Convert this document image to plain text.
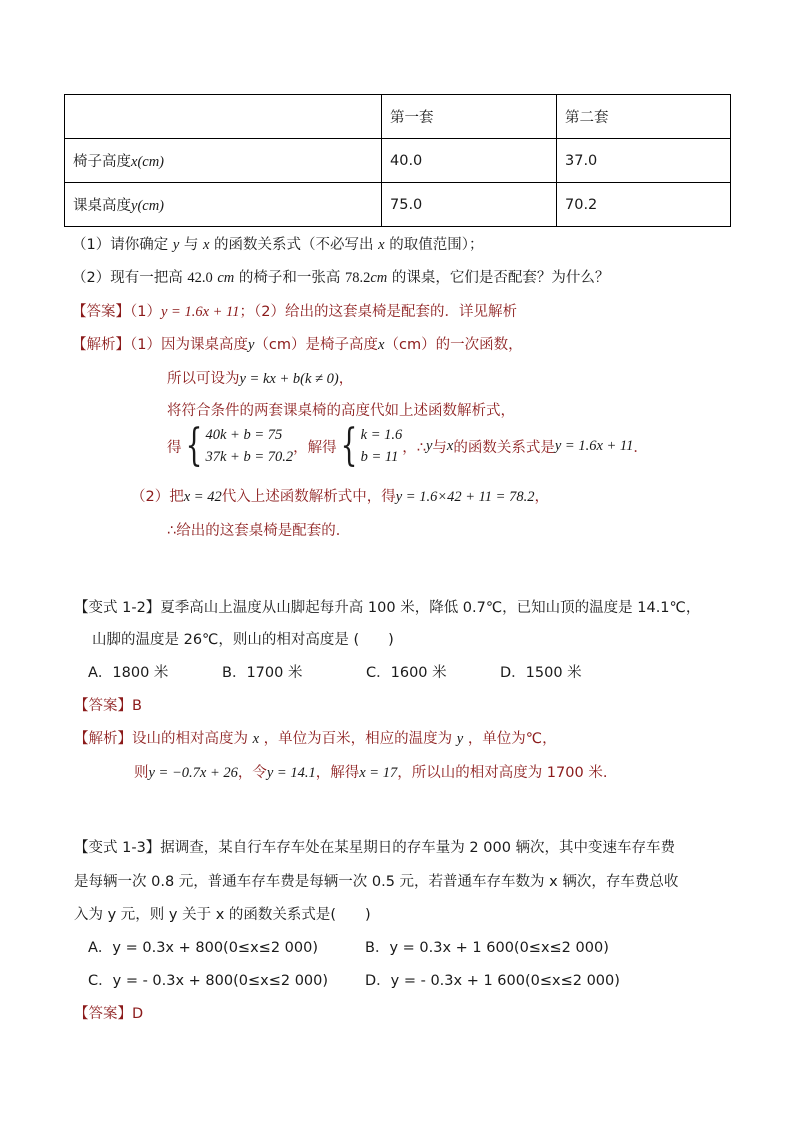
	第一套	第二套
椅子高度x(cm)	40.0	37.0
课桌高度y(cm)	75.0	70.2
（1）请你确定 y 与 x 的函数关系式（不必写出 x 的取值范围）；
（2）现有一把高 42.0 cm 的椅子和一张高 78.2cm 的课桌，它们是否配套？为什么？
【答案】（1）y = 1.6x + 11；（2）给出的这套桌椅是配套的．详见解析
【解析】（1）因为课桌高度y（cm）是椅子高度x（cm）的一次函数，
所以可设为y = kx + b(k ≠ 0)，
将符合条件的两套课桌椅的高度代如上述函数解析式，
得 { 40k + b = 75
37k + b = 70.2
，解得 { k = 1.6
b = 11
，∴ y 与 x 的函数关系式是 y = 1.6x + 11 ．
（2）把x = 42代入上述函数解析式中，得y = 1.6×42 + 11 = 78.2，
∴给出的这套桌椅是配套的．
【变式 1-2】夏季高山上温度从山脚起每升高 100 米，降低 0.7℃，已知山顶的温度是 14.1℃，
山脚的温度是 26℃，则山的相对高度是 (　　)
A．1800 米	B．1700 米	C．1600 米	D．1500 米
【答案】B
【解析】设山的相对高度为 x ，单位为百米，相应的温度为 y ，单位为℃，
则y = −0.7x + 26，令y = 14.1，解得x = 17，所以山的相对高度为 1700 米.
【变式 1-3】据调查，某自行车存车处在某星期日的存车量为 2 000 辆次，其中变速车存车费
是每辆一次 0.8 元，普通车存车费是每辆一次 0.5 元，若普通车存车数为 x 辆次，存车费总收
入为 y 元，则 y 关于 x 的函数关系式是(　　)
A．y = 0.3x + 800(0≤x≤2 000)	B．y = 0.3x + 1 600(0≤x≤2 000)
C．y = - 0.3x + 800(0≤x≤2 000)	D．y = - 0.3x + 1 600(0≤x≤2 000)
【答案】D
